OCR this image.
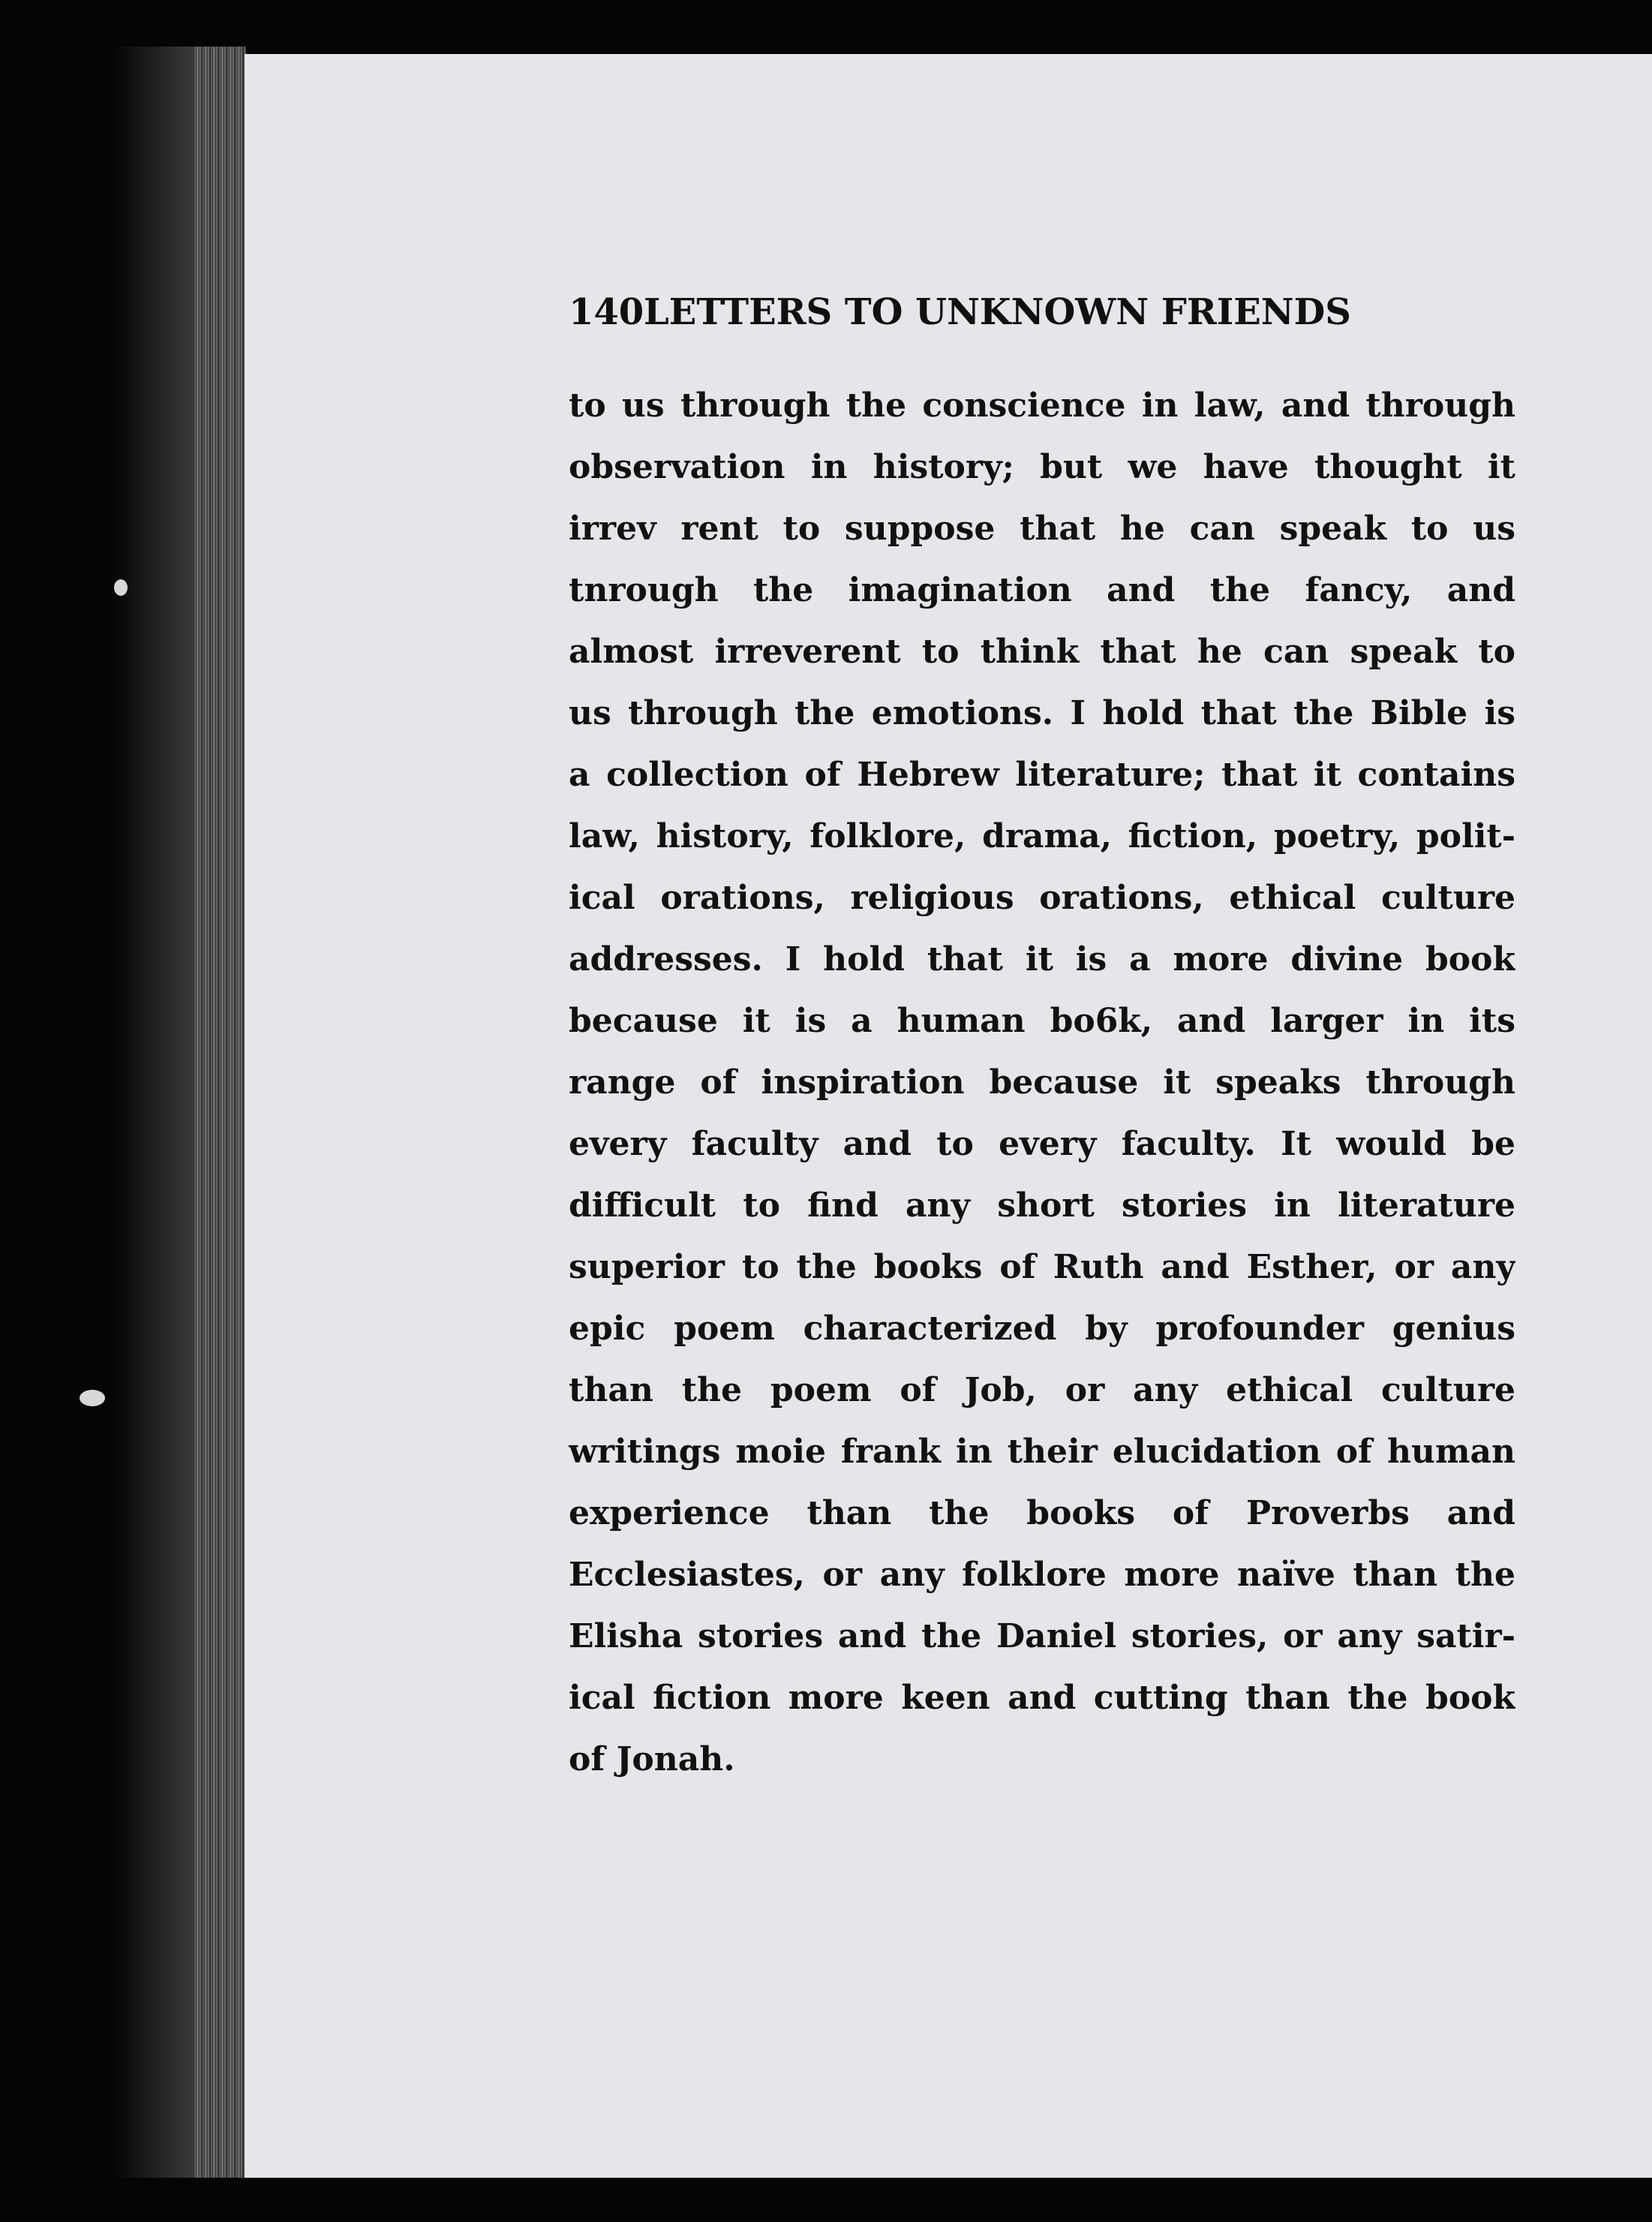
140LETTERS TO UNKNOWN FRIENDS
to us through the conscience in law, and through
observation in history; but we have thought it
irrev rent to suppose that he can speak to us
tnrough the imagination and the fancy, and
almost irreverent to think that he can speak to
us through the emotions. I hold that the Bible is
a collection of Hebrew literature; that it contains
law, history, folklore, drama, fiction, poetry, polit-
ical orations, religious orations, ethical culture
addresses. I hold that it is a more divine book
because it is a human bo6k, and larger in its
range of inspiration because it speaks through
every faculty and to every faculty. It would be
difficult to find any short stories in literature
superior to the books of Ruth and Esther, or any
epic poem characterized by profounder genius
than the poem of Job, or any ethical culture
writings moie frank in their elucidation of human
experience than the books of Proverbs and
Ecclesiastes, or any folklore more naïve than the
Elisha stories and the Daniel stories, or any satir-
ical fiction more keen and cutting than the book
of Jonah.
